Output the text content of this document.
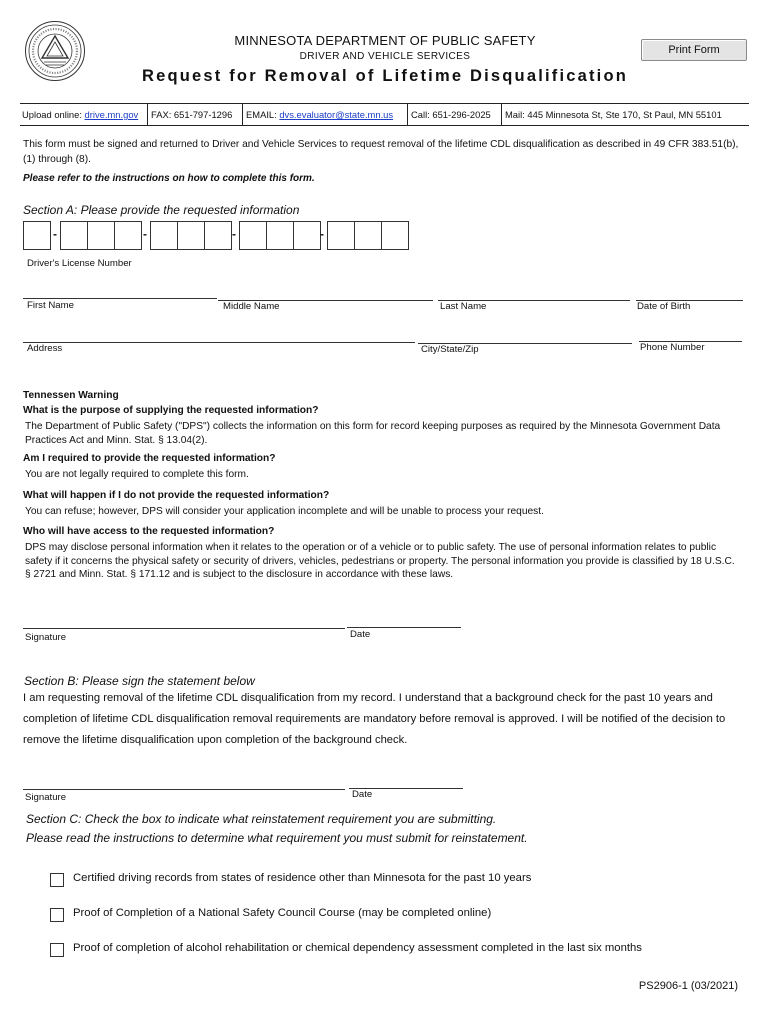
MINNESOTA DEPARTMENT OF PUBLIC SAFETY
DRIVER AND VEHICLE SERVICES
Request for Removal of Lifetime Disqualification
Print Form
Upload online: drive.mn.gov	FAX: 651-797-1296	EMAIL: dvs.evaluator@state.mn.us	Call: 651-296-2025	Mail: 445 Minnesota St, Ste 170, St Paul, MN 55101
This form must be signed and returned to Driver and Vehicle Services to request removal of the lifetime CDL disqualification as described in 49 CFR 383.51(b), (1) through (8).
Please refer to the instructions on how to complete this form.
Section A: Please provide the requested information
-	-	-	-
Driver's License Number
First Name	Middle Name	Last Name	Date of Birth
Address	City/State/Zip	Phone Number
Tennessen Warning
What is the purpose of supplying the requested information?
The Department of Public Safety ("DPS") collects the information on this form for record keeping purposes as required by the Minnesota Government Data Practices Act and Minn. Stat. § 13.04(2).
Am I required to provide the requested information?
You are not legally required to complete this form.
What will happen if I do not provide the requested information?
You can refuse; however, DPS will consider your application incomplete and will be unable to process your request.
Who will have access to the requested information?
DPS may disclose personal information when it relates to the operation or of a vehicle or to public safety. The use of personal information relates to public safety if it concerns the physical safety or security of drivers, vehicles, pedestrians or property. The personal information you provide is classified by 18 U.S.C. § 2721 and Minn. Stat. § 171.12 and is subject to the disclosure in accordance with these laws.
Signature	Date
Section B: Please sign the statement below
I am requesting removal of the lifetime CDL disqualification from my record. I understand that a background check for the past 10 years and completion of lifetime CDL disqualification removal requirements are mandatory before removal is approved. I will be notified of the decision to remove the lifetime disqualification upon completion of the background check.
Signature	Date
Section C: Check the box to indicate what reinstatement requirement you are submitting.
Please read the instructions to determine what requirement you must submit for reinstatement.
Certified driving records from states of residence other than Minnesota for the past 10 years
Proof of Completion of a National Safety Council Course (may be completed online)
Proof of completion of alcohol rehabilitation or chemical dependency assessment completed in the last six months
PS2906-1 (03/2021)
